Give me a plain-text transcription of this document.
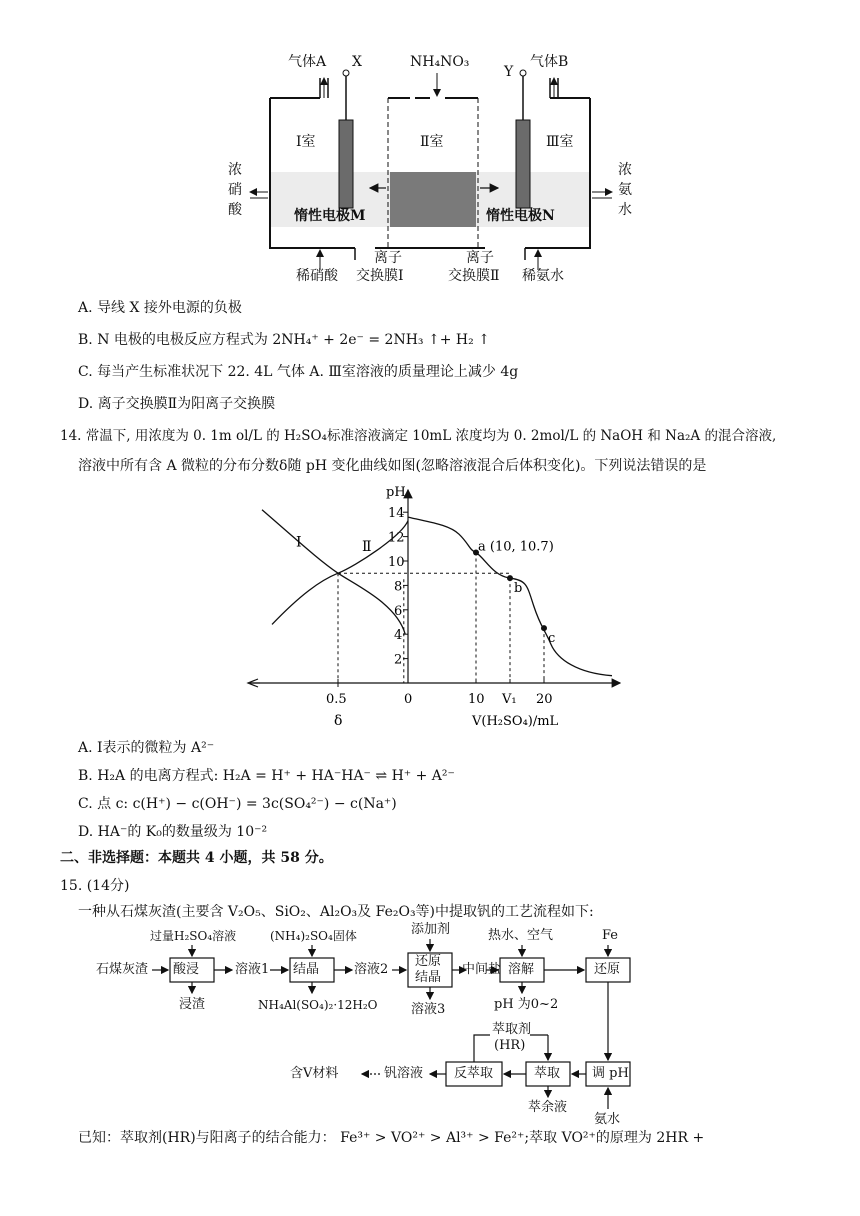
气体A X	NH₄NO₃
Y
气体B
Ⅰ室	Ⅱ室	Ⅲ室
浓
硝
酸
浓
氨
水
惰性电极M	惰性电极N
离子
交换膜Ⅰ
离子
交换膜Ⅱ
稀硝酸	稀氨水
A. 导线 X 接外电源的负极
B. N 电极的电极反应方程式为 2NH₄⁺ + 2e⁻ = 2NH₃ ↑+ H₂ ↑
C. 每当产生标准状况下 22. 4L 气体 A. Ⅲ室溶液的质量理论上减少 4g
D. 离子交换膜Ⅱ为阳离子交换膜
14. 常温下, 用浓度为 0. 1m ol/L 的 H₂SO₄标准溶液滴定 10mL 浓度均为 0. 2mol/L 的 NaOH 和 Na₂A 的混合溶液,
溶液中所有含 A 微粒的分布分数δ随 pH 变化曲线如图(忽略溶液混合后体积变化)。下列说法错误的是
pH
2
4
6
8
10
12
14
0.5	0	10 V₁ 20
δ	V(H₂SO₄)/mL
Ⅰ	Ⅱ	a (10, 10.7)
b
c
A. Ⅰ表示的微粒为 A²⁻
B. H₂A 的电离方程式: H₂A = H⁺ + HA⁻HA⁻ ⇌ H⁺ + A²⁻
C. 点 c: c(H⁺) − c(OH⁻) = 3c(SO₄²⁻) − c(Na⁺)
D. HA⁻的 K₀的数量级为 10⁻²
二、非选择题：本题共 4 小题，共 58 分。
15. (14分)
一种从石煤灰渣(主要含 V₂O₅、SiO₂、Al₂O₃及 Fe₂O₃等)中提取钒的工艺流程如下:
石煤灰渣 酸浸
过量H₂SO₄溶液
浸渣
溶液1 结晶
(NH₄)₂SO₄固体
NH₄Al(SO₄)₂·12H₂O
溶液2
还原
结晶
添加剂
溶液3
中间盐 溶解
热水、空气
pH 为0~2
还原
Fe
调 pH
氨水
萃取
萃取剂
(HR)
萃余液
反萃取
钒溶液
含V材料
已知：萃取剂(HR)与阳离子的结合能力： Fe³⁺ > VO²⁺ > Al³⁺ > Fe²⁺;萃取 VO²⁺的原理为 2HR +
